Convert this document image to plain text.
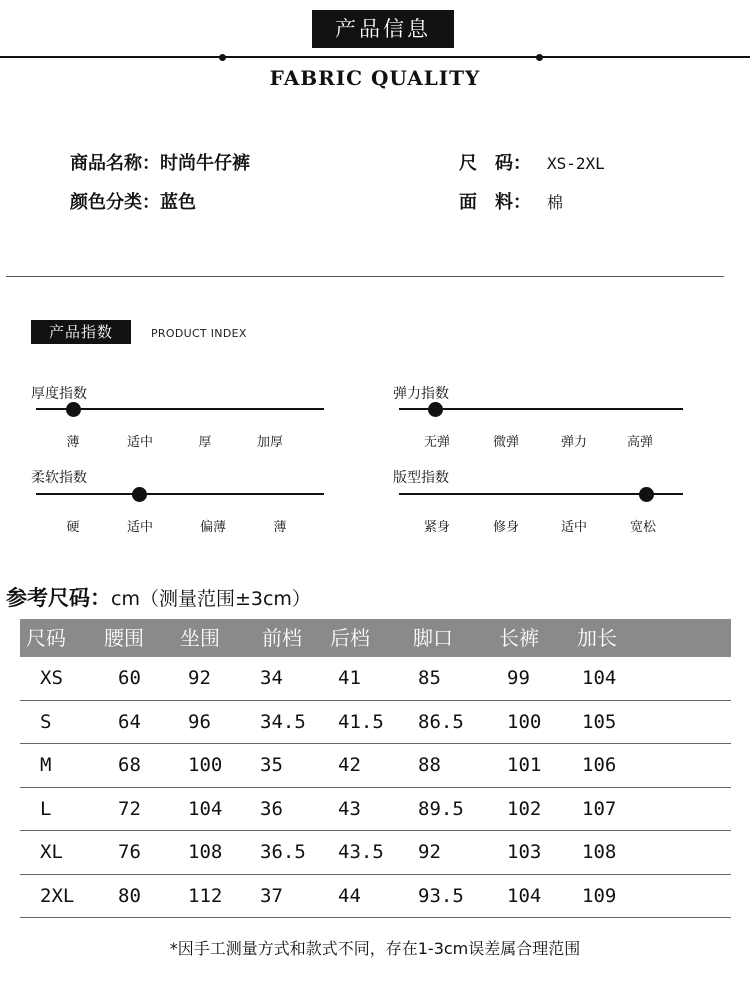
产品信息
FABRIC QUALITY
商品名称：时尚牛仔裤
颜色分类：蓝色
尺　码： XS-2XL
面　料： 棉
产品指数	PRODUCT INDEX
厚度指数
薄	适中	厚	加厚
弹力指数
无弹	微弹	弹力	高弹
柔软指数
硬	适中	偏薄	薄
版型指数
紧身	修身	适中	宽松
参考尺码：cm（测量范围±3cm）
尺码 腰围 坐围 前档 后档 脚口 长裤 加长
XS	60 92	34	41	85	99	104
S	64 96	34.5 41.5 86.5 100 105
M	68 100 35	42	88	101 106
L	72 104 36	43	89.5 102 107
XL	76 108 36.5 43.5 92	103 108
2XL 80 112 37	44	93.5 104 109
*因手工测量方式和款式不同，存在1-3cm误差属合理范围
